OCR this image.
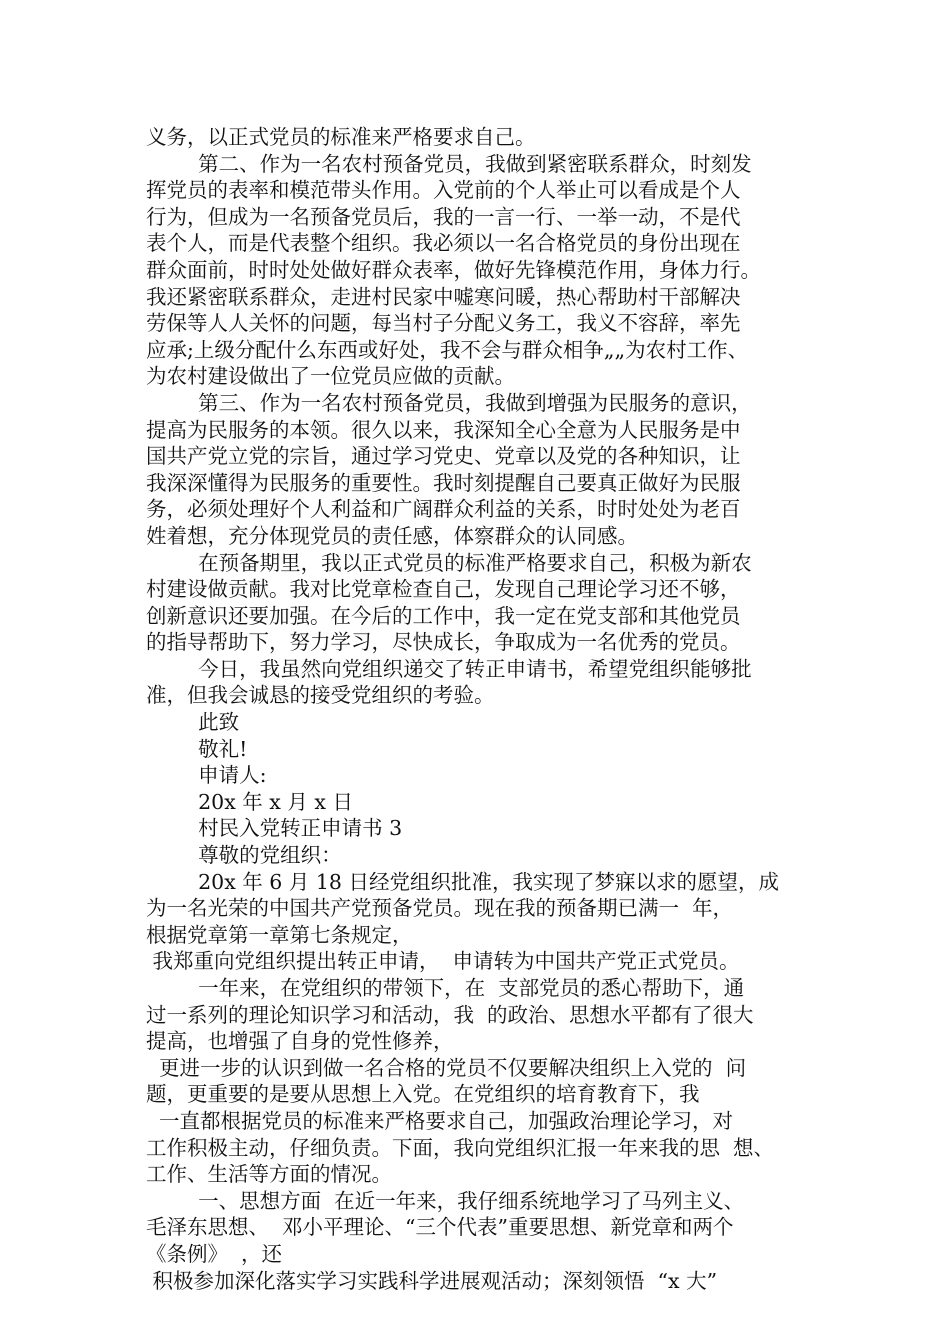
义务，以正式党员的标准来严格要求自己。
第二、作为一名农村预备党员，我做到紧密联系群众，时刻发
挥党员的表率和模范带头作用。入党前的个人举止可以看成是个人
行为，但成为一名预备党员后，我的一言一行、一举一动，不是代
表个人，而是代表整个组织。我必须以一名合格党员的身份出现在
群众面前，时时处处做好群众表率，做好先锋模范作用，身体力行。
我还紧密联系群众，走进村民家中嘘寒问暖，热心帮助村干部解决
劳保等人人关怀的问题，每当村子分配义务工，我义不容辞，率先
应承;上级分配什么东西或好处，我不会与群众相争„„为农村工作、
为农村建设做出了一位党员应做的贡献。
第三、作为一名农村预备党员，我做到增强为民服务的意识，
提高为民服务的本领。很久以来，我深知全心全意为人民服务是中
国共产党立党的宗旨，通过学习党史、党章以及党的各种知识，让
我深深懂得为民服务的重要性。我时刻提醒自己要真正做好为民服
务，必须处理好个人利益和广阔群众利益的关系，时时处处为老百
姓着想，充分体现党员的责任感，体察群众的认同感。
在预备期里，我以正式党员的标准严格要求自己，积极为新农
村建设做贡献。我对比党章检查自己，发现自己理论学习还不够，
创新意识还要加强。在今后的工作中，我一定在党支部和其他党员
的指导帮助下，努力学习，尽快成长，争取成为一名优秀的党员。
今日，我虽然向党组织递交了转正申请书，希望党组织能够批
准，但我会诚恳的接受党组织的考验。
此致
敬礼!
申请人:
20x 年 x 月 x 日
村民入党转正申请书 3
尊敬的党组织：
20x 年 6 月 18 日经党组织批准，我实现了梦寐以求的愿望，成
为一名光荣的中国共产党预备党员。现在我的预备期已满一  年，
根据党章第一章第七条规定，
我郑重向党组织提出转正申请，  申请转为中国共产党正式党员。
一年来，在党组织的带领下，在  支部党员的悉心帮助下，通
过一系列的理论知识学习和活动，我  的政治、思想水平都有了很大
提高，也增强了自身的党性修养，
更进一步的认识到做一名合格的党员不仅要解决组织上入党的  问
题，更重要的是要从思想上入党。在党组织的培育教育下，我
一直都根据党员的标准来严格要求自己，加强政治理论学习，对
工作积极主动，仔细负责。下面，我向党组织汇报一年来我的思  想、
工作、生活等方面的情况。
一、思想方面  在近一年来，我仔细系统地学习了马列主义、
毛泽东思想、  邓小平理论、“三个代表”重要思想、新党章和两个
《条例》  ，还
积极参加深化落实学习实践科学进展观活动；深刻领悟  “x 大”
